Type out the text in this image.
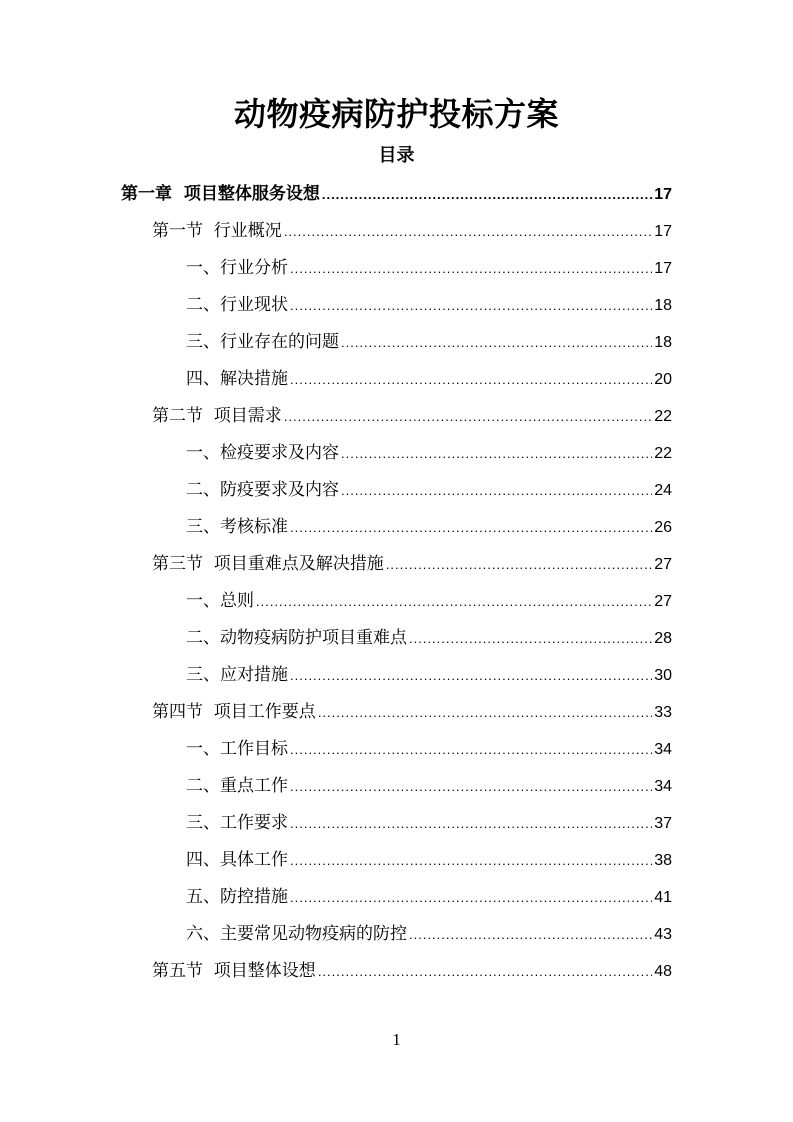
动物疫病防护投标方案
目录
第一章  项目整体服务设想 .....	17
第一节  行业概况 .....	17
一、行业分析 .....	17
二、行业现状 .....	18
三、行业存在的问题 .....	18
四、解决措施 .....	20
第二节  项目需求 .....	22
一、检疫要求及内容 .....	22
二、防疫要求及内容 .....	24
三、考核标准 .....	26
第三节  项目重难点及解决措施 .....	27
一、总则 .....	27
二、动物疫病防护项目重难点 .....	28
三、应对措施 .....	30
第四节  项目工作要点 .....	33
一、工作目标 .....	34
二、重点工作 .....	34
三、工作要求 .....	37
四、具体工作 .....	38
五、防控措施 .....	41
六、主要常见动物疫病的防控 .....	43
第五节  项目整体设想 .....	48
1
